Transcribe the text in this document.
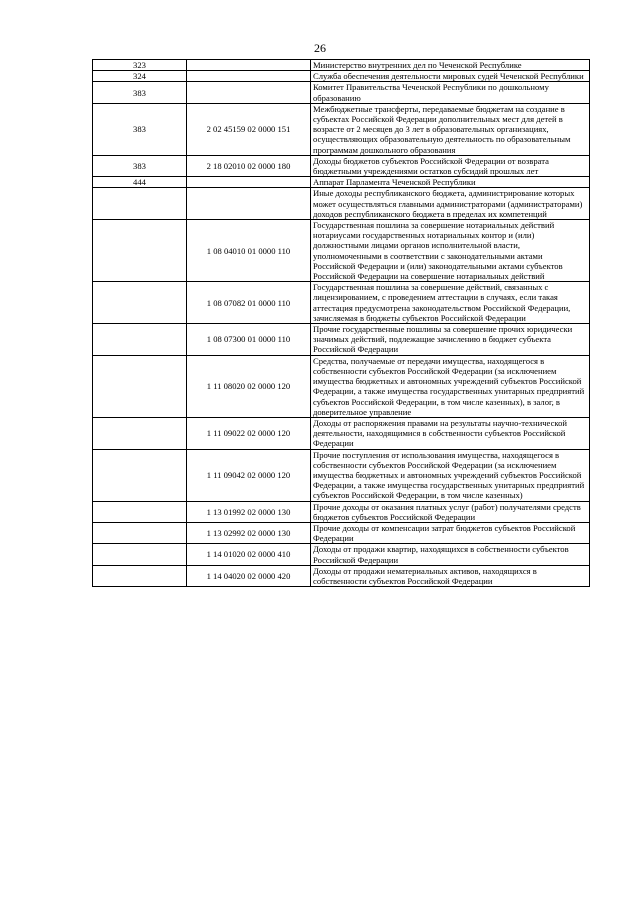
26
323		Министерство внутренних дел по Чеченской Республике
324		Служба обеспечения деятельности мировых судей Чеченской Республики
383		Комитет Правительства Чеченской Республики по дошкольному образованию
383	2 02 45159 02 0000 151	Межбюджетные трансферты, передаваемые бюджетам на создание в субъектах Российской Федерации дополнительных мест для детей в возрасте от 2 месяцев до 3 лет в образовательных организациях, осуществляющих образовательную деятельность по образовательным программам дошкольного образования
383	2 18 02010 02 0000 180	Доходы бюджетов субъектов Российской Федерации от возврата бюджетными учреждениями остатков субсидий прошлых лет
444		Аппарат Парламента Чеченской Республики
		Иные доходы республиканского бюджета, администрирование которых может осуществляться главными администраторами (администраторами) доходов республиканского бюджета в пределах их компетенций
	1 08 04010 01 0000 110	Государственная пошлина за совершение нотариальных действий нотариусами государственных нотариальных контор и (или) должностными лицами органов исполнительной власти, уполномоченными в соответствии с законодательными актами Российской Федерации и (или) законодательными актами субъектов Российской Федерации на совершение нотариальных действий
	1 08 07082 01 0000 110	Государственная пошлина за совершение действий, связанных с лицензированием, с проведением аттестации в случаях, если такая аттестация предусмотрена законодательством Российской Федерации, зачисляемая в бюджеты субъектов Российской Федерации
	1 08 07300 01 0000 110	Прочие государственные пошлины за совершение прочих юридически значимых действий, подлежащие зачислению в бюджет субъекта Российской Федерации
	1 11 08020 02 0000 120	Средства, получаемые от передачи имущества, находящегося в собственности субъектов Российской Федерации (за исключением имущества бюджетных и автономных учреждений субъектов Российской Федерации, а также имущества государственных унитарных предприятий субъектов Российской Федерации, в том числе казенных), в залог, в доверительное управление
	1 11 09022 02 0000 120	Доходы от распоряжения правами на результаты научно-технической деятельности, находящимися в собственности субъектов Российской Федерации
	1 11 09042 02 0000 120	Прочие поступления от использования имущества, находящегося в собственности субъектов Российской Федерации (за исключением имущества бюджетных и автономных учреждений субъектов Российской Федерации, а также имущества государственных унитарных предприятий субъектов Российской Федерации, в том числе казенных)
	1 13 01992 02 0000 130	Прочие доходы от оказания платных услуг (работ) получателями средств бюджетов субъектов Российской Федерации
	1 13 02992 02 0000 130	Прочие доходы от компенсации затрат бюджетов субъектов Российской Федерации
	1 14 01020 02 0000 410	Доходы от продажи квартир, находящихся в собственности субъектов Российской Федерации
	1 14 04020 02 0000 420	Доходы от продажи нематериальных активов, находящихся в собственности субъектов Российской Федерации
